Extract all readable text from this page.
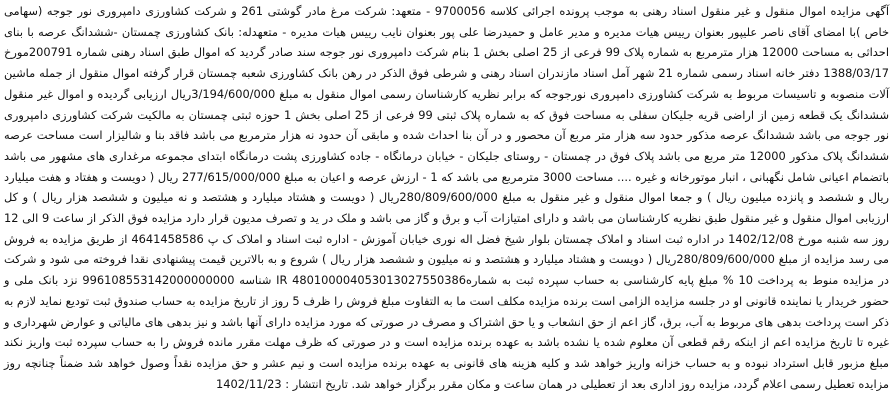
آگهی مزایده اموال منقول و غیر منقول اسناد رهنی به موجب پرونده اجرائی کلاسه 9700056 - متعهد: شرکت مرغ مادر گوشتی 261 و شرکت کشاورزی دامپروری نور جوجه (سهامی خاص )با امضای آقای ناصر علیپور بعنوان رییس هیات مدیره و مدیر عامل و حمیدرضا علی پور بعنوان نایب رییس هیات مدیره - متعهدله: بانک کشاورزی چمستان -ششدانگ عرصه با بنای احداثی به مساحت 12000 هزار مترمربع به شماره پلاک 99 فرعی از 25 اصلی بخش 1 بنام شرکت دامپروری نور جوجه سند صادر گردید که اموال طبق اسناد رهنی شماره 200791مورخ 1388/03/17 دفتر خانه اسناد رسمی شماره 21 شهر آمل اسناد مازندران اسناد رهنی و شرطی فوق الذکر در رهن بانک کشاورزی شعبه چمستان قرار گرفته اموال منقول از جمله ماشین آلات منصوبه و تاسیسات مربوط به شرکت کشاورزی دامپروری نورجوجه که برابر نظریه کارشناسان رسمی اموال منقول به مبلغ 3/194/600/000ریال ارزیابی گردیده و اموال غیر منقول ششدانگ یک قطعه زمین از اراضی قریه جلیکان سفلی به مساحت فوق که به شماره پلاک ثبتی 99 فرعی از 25 اصلی بخش 1 حوزه ثبتی چمستان به مالکیت شرکت کشاورزی دامپروری نور جوجه می باشد ششدانگ عرصه مذکور حدود سه هزار متر مربع آن محصور و در آن بنا احداث شده و مابقی آن حدود نه هزار مترمربع می باشد فاقد بنا و شالیزار است مساحت عرصه ششدانگ پلاک مذکور 12000 متر مربع می باشد پلاک فوق در چمستان - روستای جلیکان - خیابان درمانگاه - جاده کشاورزی پشت درمانگاه ابتدای مجموعه مرغداری های مشهور می باشد باتضمام اعیانی شامل نگهبانی ، انبار موتورخانه و غیره .... مساحت 3000 مترمربع می باشد که 1 - ارزش عرصه و اعیان به مبلغ 277/615/000/000 ریال ( دویست و هفتاد و هفت میلیارد ریال و ششصد و پانزده میلیون ریال ) و جمعا اموال منقول و غیر منقول به مبلغ 280/809/600/000ریال ( دویست و هشتاد میلیارد و هشتصد و نه میلیون و ششصد هزار ریال ) و کل ارزیابی اموال منقول و غیر منقول طبق نظریه کارشناسان می باشد و دارای امتیازات آب و برق و گاز می باشد و ملک در ید و تصرف مدیون قرار دارد مزایده فوق الذکر از ساعت 9 الی 12 روز سه شنبه مورخ 1402/12/08 در اداره ثبت اسناد و املاک چمستان بلوار شیخ فضل اله نوری خیابان آموزش - اداره ثبت اسناد و املاک ک پ 4641458586 از طریق مزایده به فروش می رسد مزایده از مبلغ 280/809/600/000ریال ( دویست و هشتاد میلیارد و هشتصد و نه میلیون و ششصد هزار ریال ) شروع و به بالاترین قیمت پیشنهادی نقدا فروخته می شود و شرکت در مزایده منوط به پرداخت 10 % مبلغ پایه کارشناسی به حساب سپرده ثبت به شمارهIR 480100004053013027550386 شناسه 996108553142000000000 نزد بانک ملی و حضور خریدار یا نماینده قانونی او در جلسه مزایده الزامی است برنده مزایده مکلف است ما به التفاوت مبلغ فروش را ظرف 5 روز از تاریخ مزایده به حساب صندوق ثبت تودیع نماید لازم به ذکر است پرداخت بدهی های مربوط به آب، برق، گاز اعم از حق انشعاب و یا حق اشتراک و مصرف در صورتی که مورد مزایده دارای آنها باشد و نیز بدهی های مالیاتی و عوارض شهرداری و غیره تا تاریخ مزایده اعم از اینکه رقم قطعی آن معلوم شده یا نشده باشد به عهده برنده مزایده است و در صورتی که ظرف مهلت مقرر مانده فروش را به حساب سپرده ثبت واریز نکند مبلغ مزبور قابل استرداد نبوده و به حساب خزانه واریز خواهد شد و کلیه هزینه های قانونی به عهده برنده مزایده است و نیم عشر و حق مزایده نقداً وصول خواهد شد ضمناً چنانچه روز مزایده تعطیل رسمی اعلام گردد، مزایده روز اداری بعد از تعطیلی در همان ساعت و مکان مقرر برگزار خواهد شد. تاریخ انتشار : 1402/11/23
